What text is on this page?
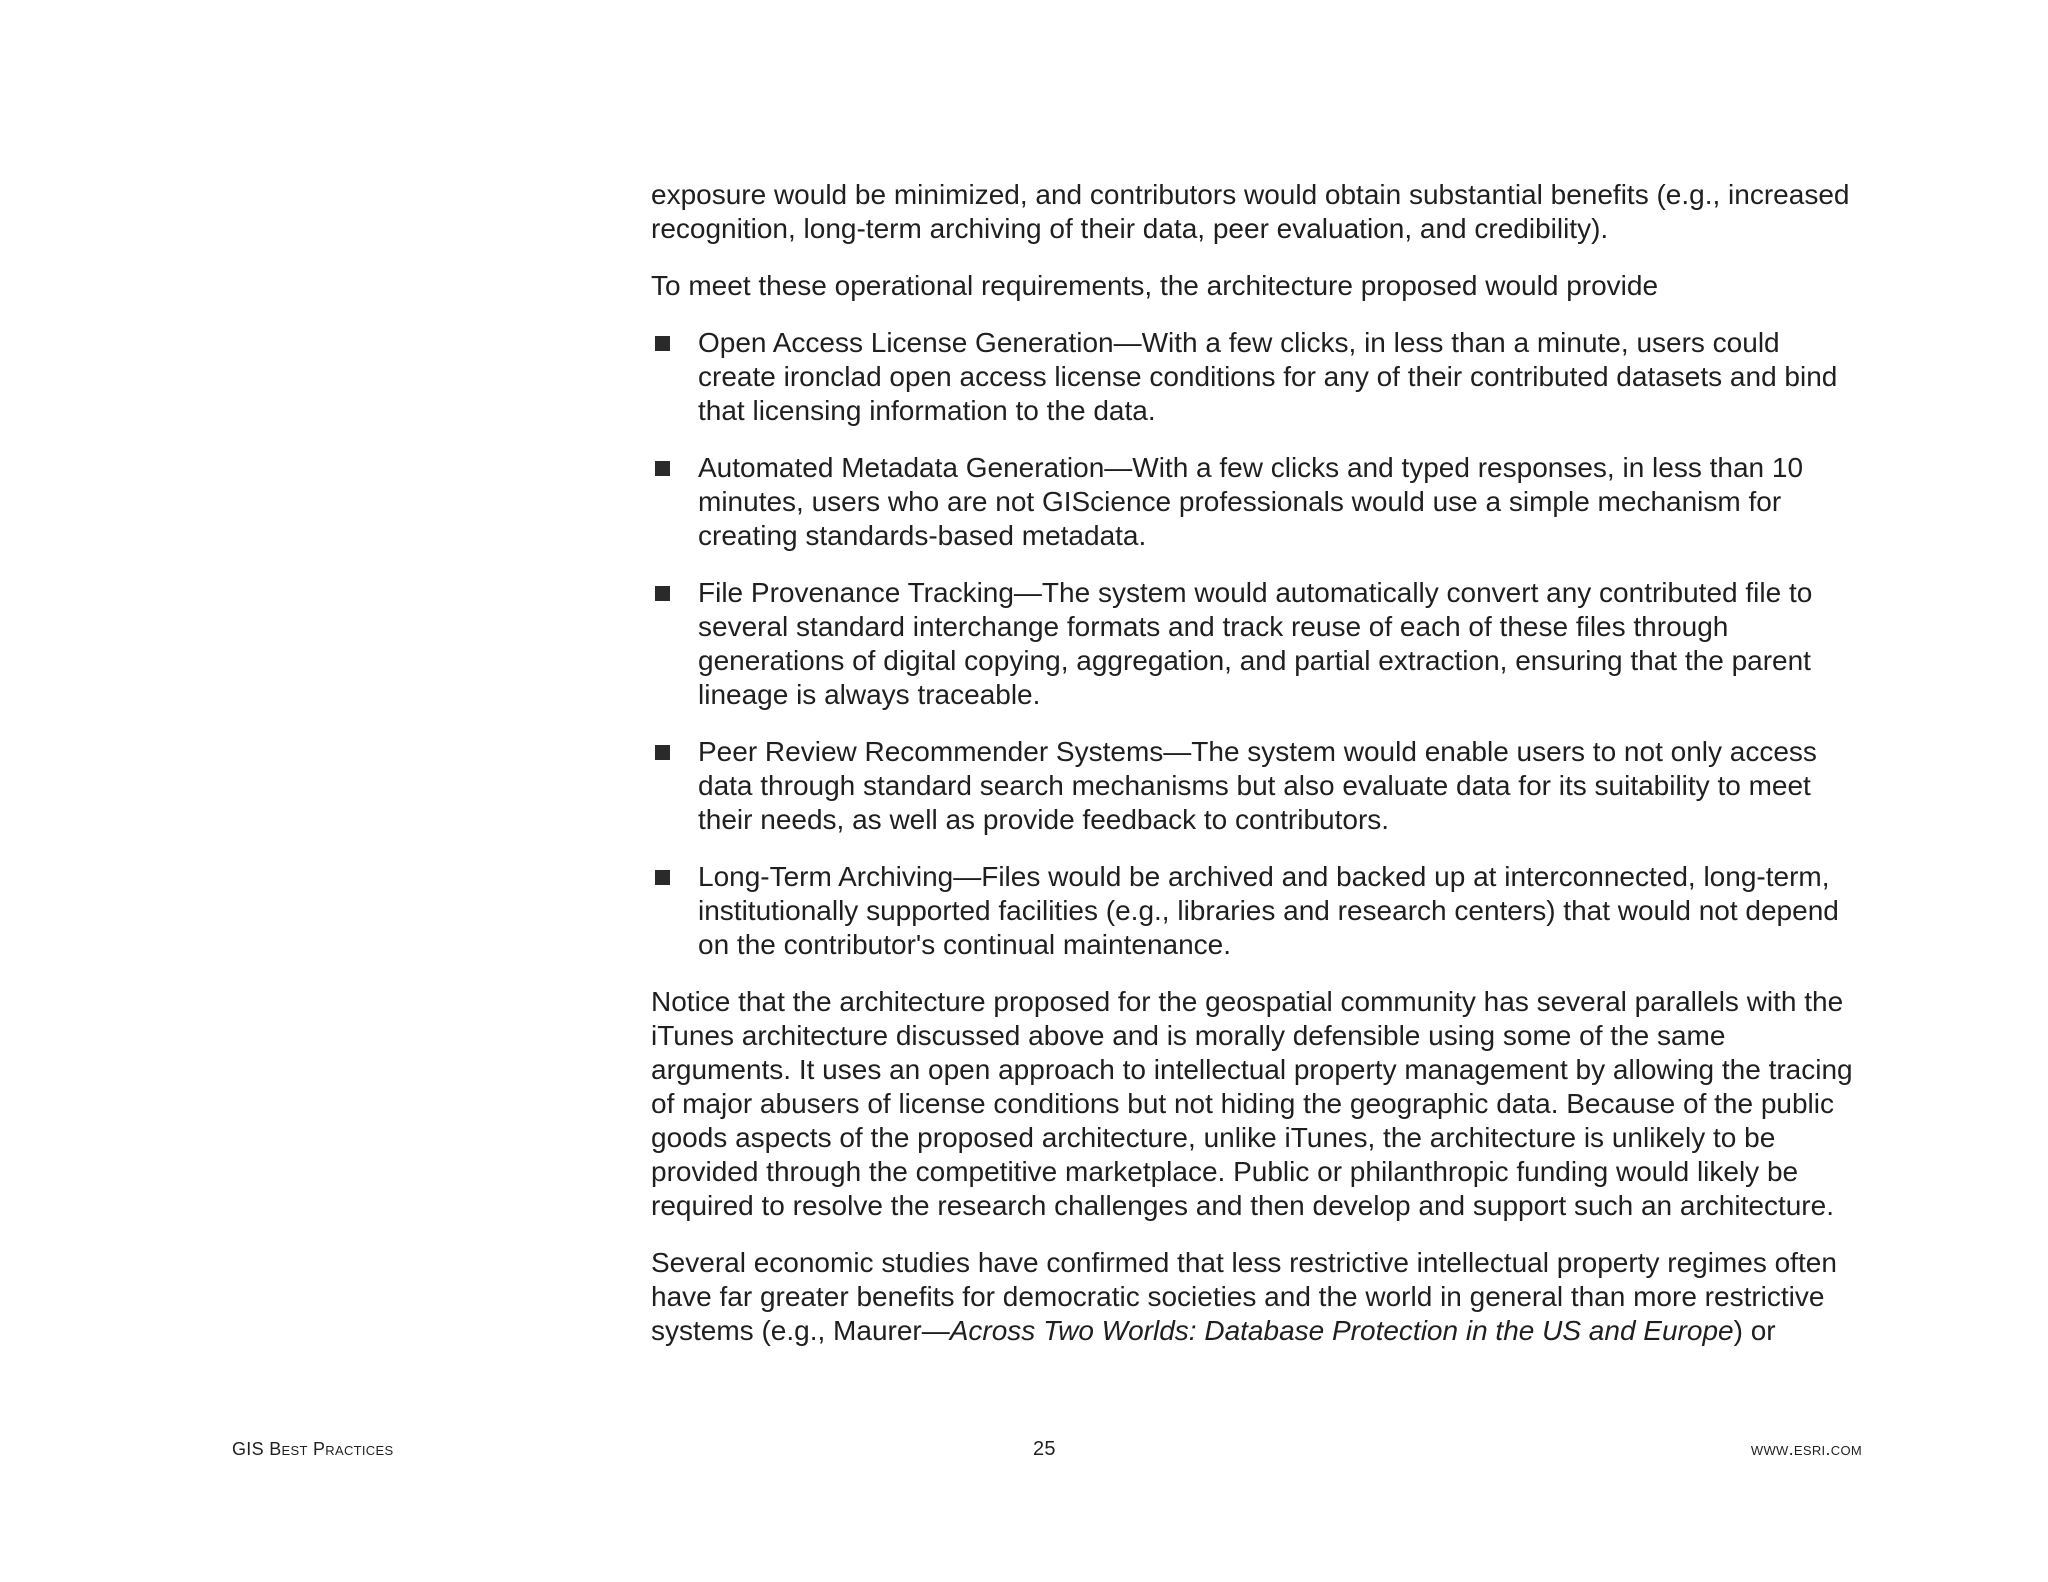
exposure would be minimized, and contributors would obtain substantial benefits (e.g., increased recognition, long-term archiving of their data, peer evaluation, and credibility).

To meet these operational requirements, the architecture proposed would provide

Open Access License Generation—With a few clicks, in less than a minute, users could create ironclad open access license conditions for any of their contributed datasets and bind that licensing information to the data.
Automated Metadata Generation—With a few clicks and typed responses, in less than 10 minutes, users who are not GIScience professionals would use a simple mechanism for creating standards-based metadata.
File Provenance Tracking—The system would automatically convert any contributed file to several standard interchange formats and track reuse of each of these files through generations of digital copying, aggregation, and partial extraction, ensuring that the parent lineage is always traceable.
Peer Review Recommender Systems—The system would enable users to not only access data through standard search mechanisms but also evaluate data for its suitability to meet their needs, as well as provide feedback to contributors.
Long-Term Archiving—Files would be archived and backed up at interconnected, long-term, institutionally supported facilities (e.g., libraries and research centers) that would not depend on the contributor's continual maintenance.

Notice that the architecture proposed for the geospatial community has several parallels with the iTunes architecture discussed above and is morally defensible using some of the same arguments. It uses an open approach to intellectual property management by allowing the tracing of major abusers of license conditions but not hiding the geographic data. Because of the public goods aspects of the proposed architecture, unlike iTunes, the architecture is unlikely to be provided through the competitive marketplace. Public or philanthropic funding would likely be required to resolve the research challenges and then develop and support such an architecture.

Several economic studies have confirmed that less restrictive intellectual property regimes often have far greater benefits for democratic societies and the world in general than more restrictive systems (e.g., Maurer—Across Two Worlds: Database Protection in the US and Europe) or

GIS Best Practices	25	www.esri.com
